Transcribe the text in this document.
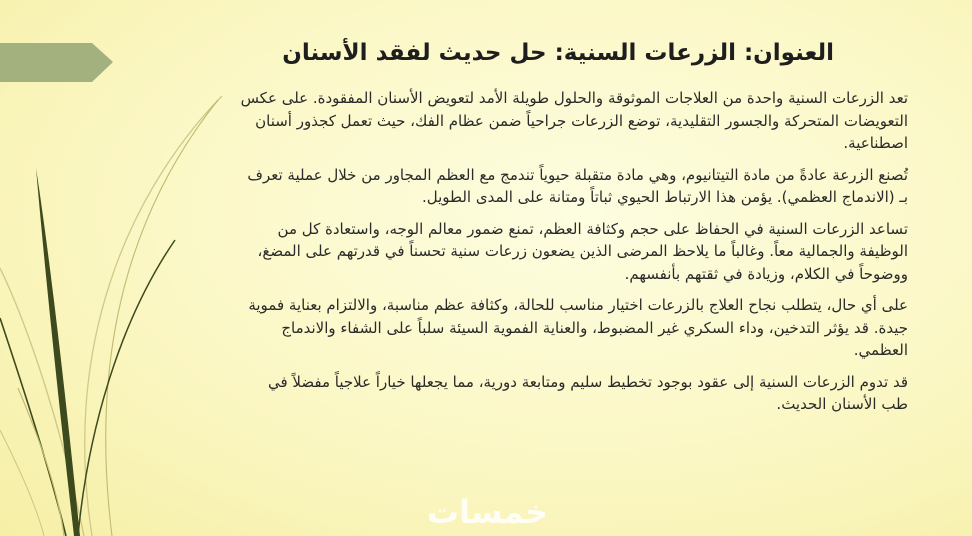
العنوان: الزرعات السنية: حل حديث لفقد الأسنان

تعد الزرعات السنية واحدة من العلاجات الموثوقة والحلول طويلة الأمد لتعويض الأسنان المفقودة. على عكس التعويضات المتحركة والجسور التقليدية، توضع الزرعات جراحياً ضمن عظام الفك، حيث تعمل كجذور أسنان اصطناعية.

تُصنع الزرعة عادةً من مادة التيتانيوم، وهي مادة متقبلة حيوياً تندمج مع العظم المجاور من خلال عملية تعرف بـ (الاندماج العظمي). يؤمن هذا الارتباط الحيوي ثباتاً ومتانة على المدى الطويل.

تساعد الزرعات السنية في الحفاظ على حجم وكثافة العظم، تمنع ضمور معالم الوجه، واستعادة كل من الوظيفة والجمالية معاً. وغالباً ما يلاحظ المرضى الذين يضعون زرعات سنية تحسناً في قدرتهم على المضغ، ووضوحاً في الكلام، وزيادة في ثقتهم بأنفسهم.

على أي حال، يتطلب نجاح العلاج بالزرعات اختيار مناسب للحالة، وكثافة عظم مناسبة، والالتزام بعناية فموية جيدة. قد يؤثر التدخين، وداء السكري غير المضبوط، والعناية الفموية السيئة سلباً على الشفاء والاندماج العظمي.

قد تدوم الزرعات السنية إلى عقود بوجود تخطيط سليم ومتابعة دورية، مما يجعلها خياراً علاجياً مفضلاً في طب الأسنان الحديث.

خمسات
